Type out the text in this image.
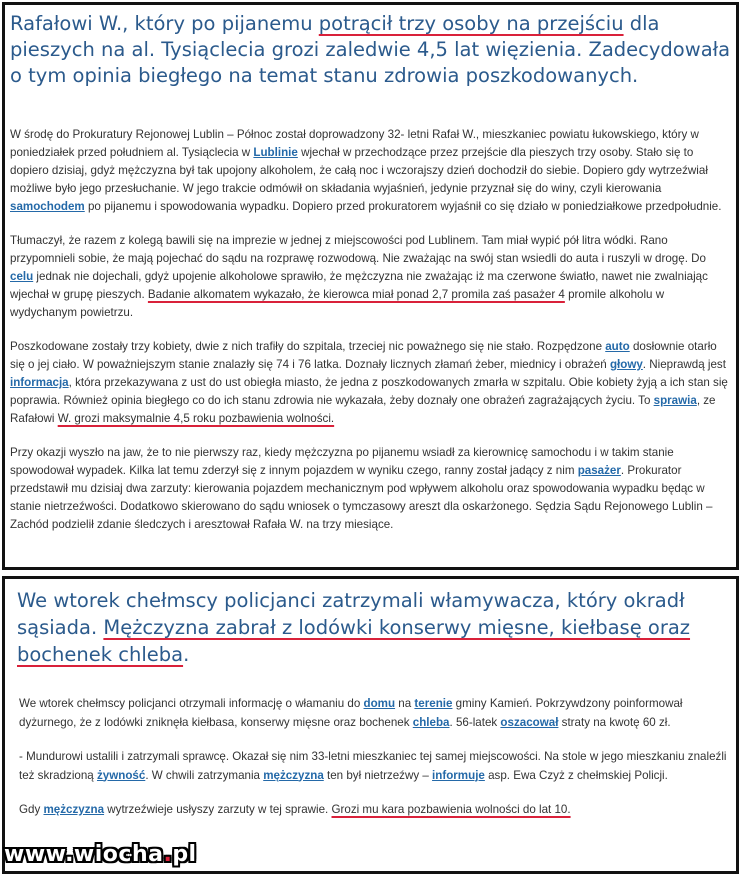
Rafałowi W., który po pijanemu potrącił trzy osoby na przejściu dla pieszych na al. Tysiąclecia grozi zaledwie 4,5 lat więzienia. Zadecydowała o tym opinia biegłego na temat stanu zdrowia poszkodowanych.

W środę do Prokuratury Rejonowej Lublin – Północ został doprowadzony 32- letni Rafał W., mieszkaniec powiatu łukowskiego, który w poniedziałek przed południem al. Tysiąclecia w Lublinie wjechał w przechodzące przez przejście dla pieszych trzy osoby. Stało się to dopiero dzisiaj, gdyż mężczyzna był tak upojony alkoholem, że całą noc i wczorajszy dzień dochodził do siebie. Dopiero gdy wytrzeźwiał możliwe było jego przesłuchanie. W jego trakcie odmówił on składania wyjaśnień, jedynie przyznał się do winy, czyli kierowania samochodem po pijanemu i spowodowania wypadku. Dopiero przed prokuratorem wyjaśnił co się działo w poniedziałkowe przedpołudnie.

Tłumaczył, że razem z kolegą bawili się na imprezie w jednej z miejscowości pod Lublinem. Tam miał wypić pół litra wódki. Rano przypomnieli sobie, że mają pojechać do sądu na rozprawę rozwodową. Nie zważając na swój stan wsiedli do auta i ruszyli w drogę. Do celu jednak nie dojechali, gdyż upojenie alkoholowe sprawiło, że mężczyzna nie zważając iż ma czerwone światło, nawet nie zwalniając wjechał w grupę pieszych. Badanie alkomatem wykazało, że kierowca miał ponad 2,7 promila zaś pasażer 4 promile alkoholu w wydychanym powietrzu.

Poszkodowane zostały trzy kobiety, dwie z nich trafiły do szpitala, trzeciej nic poważnego się nie stało. Rozpędzone auto dosłownie otarło się o jej ciało. W poważniejszym stanie znalazły się 74 i 76 latka. Doznały licznych złamań żeber, miednicy i obrażeń głowy. Nieprawdą jest informacja, która przekazywana z ust do ust obiegła miasto, że jedna z poszkodowanych zmarła w szpitalu. Obie kobiety żyją a ich stan się poprawia. Również opinia biegłego co do ich stanu zdrowia nie wykazała, żeby doznały one obrażeń zagrażających życiu. To sprawia, ze Rafałowi W. grozi maksymalnie 4,5 roku pozbawienia wolności.

Przy okazji wyszło na jaw, że to nie pierwszy raz, kiedy mężczyzna po pijanemu wsiadł za kierownicę samochodu i w takim stanie spowodował wypadek. Kilka lat temu zderzył się z innym pojazdem w wyniku czego, ranny został jadący z nim pasażer. Prokurator przedstawił mu dzisiaj dwa zarzuty: kierowania pojazdem mechanicznym pod wpływem alkoholu oraz spowodowania wypadku będąc w stanie nietrzeźwości. Dodatkowo skierowano do sądu wniosek o tymczasowy areszt dla oskarżonego. Sędzia Sądu Rejonowego Lublin – Zachód podzielił zdanie śledczych i aresztował Rafała W. na trzy miesiące.

We wtorek chełmscy policjanci zatrzymali włamywacza, który okradł sąsiada. Mężczyzna zabrał z lodówki konserwy mięsne, kiełbasę oraz bochenek chleba.

We wtorek chełmscy policjanci otrzymali informację o włamaniu do domu na terenie gminy Kamień. Pokrzywdzony poinformował dyżurnego, że z lodówki zniknęła kiełbasa, konserwy mięsne oraz bochenek chleba. 56-latek oszacował straty na kwotę 60 zł.

- Mundurowi ustalili i zatrzymali sprawcę. Okazał się nim 33-letni mieszkaniec tej samej miejscowości. Na stole w jego mieszkaniu znaleźli też skradzioną żywność. W chwili zatrzymania mężczyzna ten był nietrzeźwy – informuje asp. Ewa Czyż z chełmskiej Policji.

Gdy mężczyzna wytrzeźwieje usłyszy zarzuty w tej sprawie. Grozi mu kara pozbawienia wolności do lat 10.

www.wiocha.pl
